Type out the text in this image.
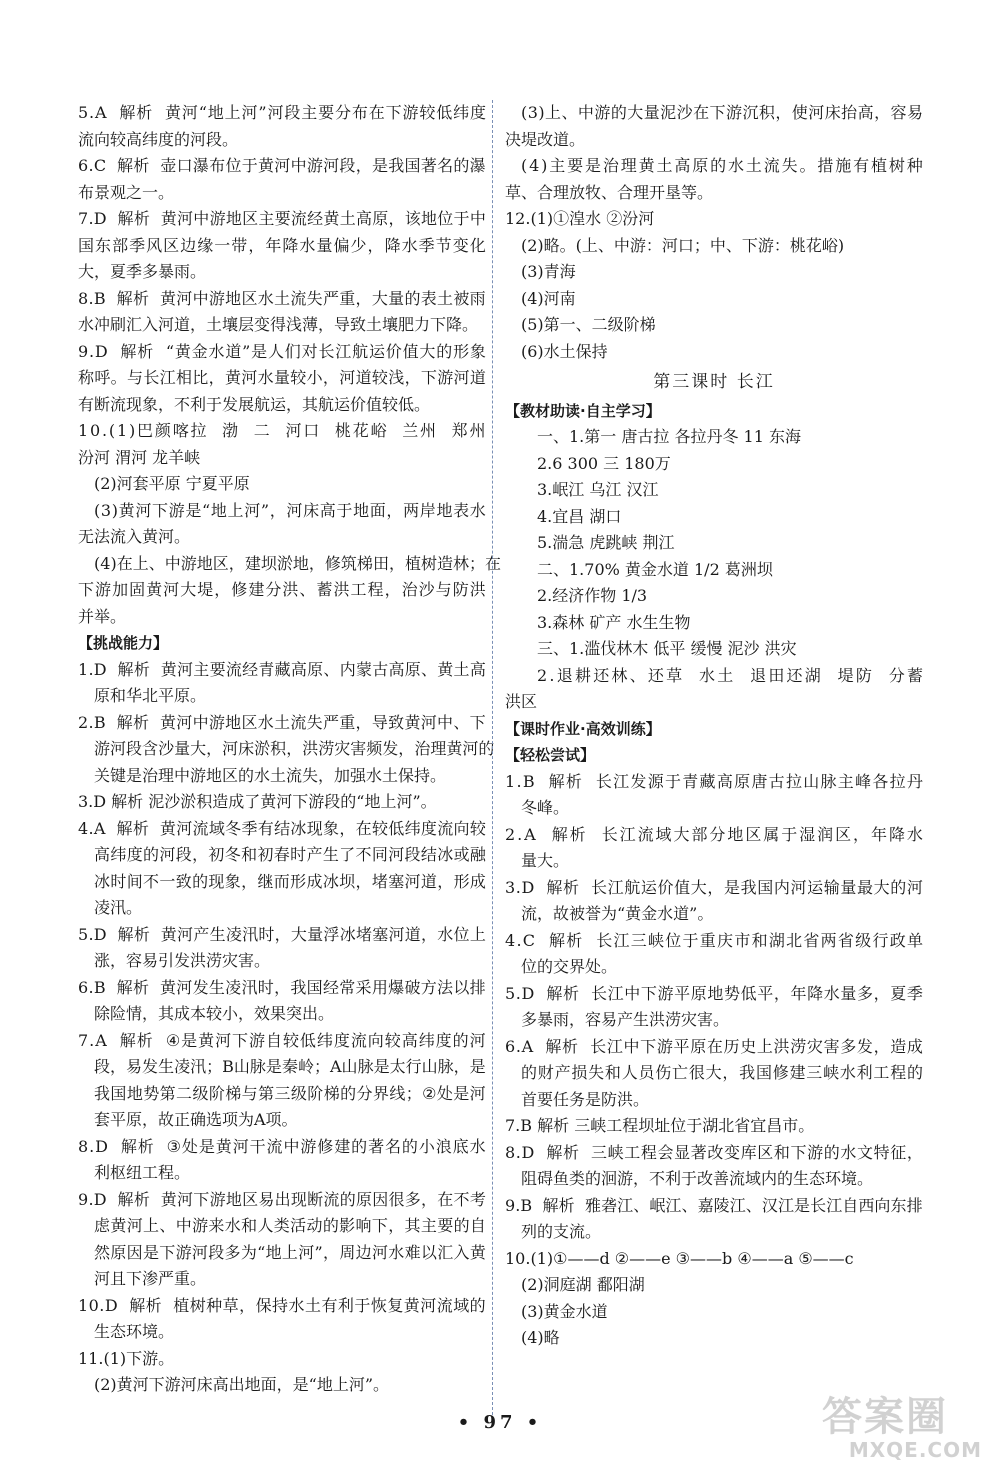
5 . A

解 析

黄 河 “ 地 上 河 ” 河 段 主 要 分 布 在 下 游 较 低 纬 度
流向较高纬度的河段。
6 . C

解 析

壶 口 瀑 布 位 于 黄 河 中 游 河 段 ， 是 我 国 著 名 的 瀑
布景观之一。
7 . D

解 析

黄 河 中 游 地 区 主 要 流 经 黄 土 高 原 ， 该 地 位 于 中
国 东 部 季 风 区 边 缘 一 带 ， 年 降 水 量 偏 少 ， 降 水 季 节 变 化
大，夏季多暴雨。
8 . B

解 析

黄 河 中 游 地 区 水 土 流 失 严 重 ， 大 量 的 表 土 被 雨
水冲刷汇入河道，土壤层变得浅薄，导致土壤肥力下降。
9 . D

解 析

“ 黄 金 水 道 ” 是 人 们 对 长 江 航 运 价 值 大 的 形 象
称 呼 。 与 长 江 相 比 ， 黄 河 水 量 较 小 ， 河 道 较 浅 ， 下 游 河 道
有断流现象，不利于发展航运，其航运价值较低。
1 0 . ( 1 ) 巴 颜 喀 拉

渤

二

河 口

桃 花 峪

兰 州

郑 州
汾河 渭河 龙羊峡
(2)河套平原 宁夏平原
( 3 ) 黄 河 下 游 是 “ 地 上 河 ” ， 河 床 高 于 地 面 ， 两 岸 地 表 水
无法流入黄河。
( 4 ) 在 上 、 中 游 地 区 ， 建 坝 淤 地 ， 修 筑 梯 田 ， 植 树 造 林 ； 在
下 游 加 固 黄 河 大 堤 ， 修 建 分 洪 、 蓄 洪 工 程 ， 治 沙 与 防 洪
并举。
【挑战能力】
1 . D

解 析

黄 河 主 要 流 经 青 藏 高 原 、 内 蒙 古 高 原 、 黄 土 高
原和华北平原。
2 . B

解 析

黄 河 中 游 地 区 水 土 流 失 严 重 ， 导 致 黄 河 中 、 下
游 河 段 含 沙 量 大 ， 河 床 淤 积 ， 洪 涝 灾 害 频 发 ， 治 理 黄 河 的
关键是治理中游地区的水土流失，加强水土保持。
3.D 解析 泥沙淤积造成了黄河下游段的“地上河”。
4 . A

解 析

黄 河 流 域 冬 季 有 结 冰 现 象 ， 在 较 低 纬 度 流 向 较
高 纬 度 的 河 段 ， 初 冬 和 初 春 时 产 生 了 不 同 河 段 结 冰 或 融
冰 时 间 不 一 致 的 现 象 ， 继 而 形 成 冰 坝 ， 堵 塞 河 道 ， 形 成
凌汛。
5 . D

解 析

黄 河 产 生 凌 汛 时 ， 大 量 浮 冰 堵 塞 河 道 ， 水 位 上
涨，容易引发洪涝灾害。
6 . B

解 析

黄 河 发 生 凌 汛 时 ， 我 国 经 常 采 用 爆 破 方 法 以 排
除险情，其成本较小，效果突出。
7 . A

解 析

④ 是 黄 河 下 游 自 较 低 纬 度 流 向 较 高 纬 度 的 河
段 ， 易 发 生 凌 汛 ； B 山 脉 是 秦 岭 ； A 山 脉 是 太 行 山 脉 ， 是
我 国 地 势 第 二 级 阶 梯 与 第 三 级 阶 梯 的 分 界 线 ； ② 处 是 河
套平原，故正确选项为A项。
8 . D

解 析

③ 处 是 黄 河 干 流 中 游 修 建 的 著 名 的 小 浪 底 水
利枢纽工程。
9 . D

解 析

黄 河 下 游 地 区 易 出 现 断 流 的 原 因 很 多 ， 在 不 考
虑 黄 河 上 、 中 游 来 水 和 人 类 活 动 的 影 响 下 ， 其 主 要 的 自
然 原 因 是 下 游 河 段 多 为 “ 地 上 河 ” ， 周 边 河 水 难 以 汇 入 黄
河且下渗严重。
1 0 . D

解 析

植 树 种 草 ， 保 持 水 土 有 利 于 恢 复 黄 河 流 域 的
生态环境。
11.(1)下游。
(2)黄河下游河床高出地面，是“地上河”。
( 3 ) 上 、 中 游 的 大 量 泥 沙 在 下 游 沉 积 ， 使 河 床 抬 高 ， 容 易
决堤改道。
( 4 ) 主 要 是 治 理 黄 土 高 原 的 水 土 流 失 。 措 施 有 植 树 种
草、合理放牧、合理开垦等。
12.(1)①湟水 ②汾河
(2)略。(上、中游：河口；中、下游：桃花峪)
(3)青海
(4)河南
(5)第一、二级阶梯
(6)水土保持
第三课时 长江
【教材助读·自主学习】
一、1.第一 唐古拉 各拉丹冬 11 东海
2.6 300 三 180万
3.岷江 乌江 汉江
4.宜昌 湖口
5.湍急 虎跳峡 荆江
二、1.70% 黄金水道 1/2 葛洲坝
2.经济作物 1/3
3.森林 矿产 水生生物
三、1.滥伐林木 低平 缓慢 泥沙 洪灾
2 . 退 耕 还 林 、 还 草

水 土

退 田 还 湖

堤 防

分 蓄
洪区
【课时作业·高效训练】
【轻松尝试】
1 . B

解 析

长 江 发 源 于 青 藏 高 原 唐 古 拉 山 脉 主 峰 各 拉 丹
冬峰。
2 . A

解 析

长 江 流 域 大 部 分 地 区 属 于 湿 润 区 ， 年 降 水
量大。
3 . D

解 析

长 江 航 运 价 值 大 ， 是 我 国 内 河 运 输 量 最 大 的 河
流，故被誉为“黄金水道”。
4 . C

解 析

长 江 三 峡 位 于 重 庆 市 和 湖 北 省 两 省 级 行 政 单
位的交界处。
5 . D

解 析

长 江 中 下 游 平 原 地 势 低 平 ， 年 降 水 量 多 ， 夏 季
多暴雨，容易产生洪涝灾害。
6 . A

解 析

长 江 中 下 游 平 原 在 历 史 上 洪 涝 灾 害 多 发 ， 造 成
的 财 产 损 失 和 人 员 伤 亡 很 大 ， 我 国 修 建 三 峡 水 利 工 程 的
首要任务是防洪。
7.B 解析 三峡工程坝址位于湖北省宜昌市。
8 . D

解 析

三 峡 工 程 会 显 著 改 变 库 区 和 下 游 的 水 文 特 征 ，
阻碍鱼类的洄游，不利于改善流域内的生态环境。
9 . B

解 析

雅 砻 江 、 岷 江 、 嘉 陵 江 、 汉 江 是 长 江 自 西 向 东 排
列的支流。
10.(1)①——d ②——e ③——b ④——a ⑤——c
(2)洞庭湖 鄱阳湖
(3)黄金水道
(4)略
• 97 •	答案圈
MXQE.COM
